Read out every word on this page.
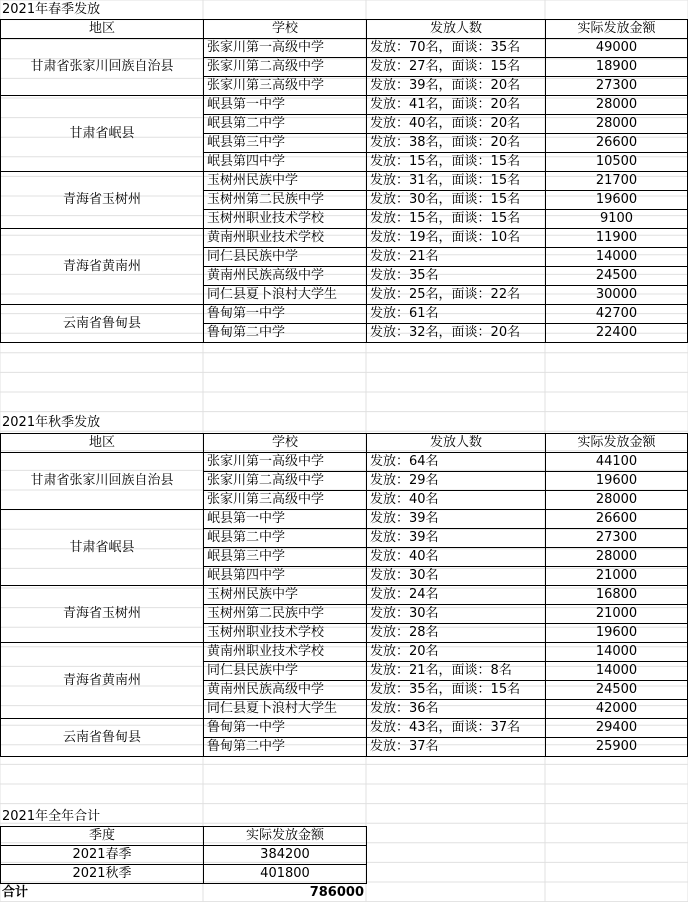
2021年春季发放
地区	学校	发放人数	实际发放金额
甘肃省张家川回族自治县	张家川第一高级中学	发放：70名，面谈：35名	49000
	张家川第二高级中学	发放：27名，面谈：15名	18900
	张家川第三高级中学	发放：39名，面谈：20名	27300
甘肃省岷县	岷县第一中学	发放：41名，面谈：20名	28000
	岷县第二中学	发放：40名，面谈：20名	28000
	岷县第三中学	发放：38名，面谈：20名	26600
	岷县第四中学	发放：15名，面谈：15名	10500
青海省玉树州	玉树州民族中学	发放：31名，面谈：15名	21700
	玉树州第二民族中学	发放：30名，面谈：15名	19600
	玉树州职业技术学校	发放：15名，面谈：15名	9100
青海省黄南州	黄南州职业技术学校	发放：19名，面谈：10名	11900
	同仁县民族中学	发放：21名	14000
	黄南州民族高级中学	发放：35名	24500
	同仁县夏卜浪村大学生	发放：25名，面谈：22名	30000
云南省鲁甸县	鲁甸第一中学	发放：61名	42700
	鲁甸第二中学	发放：32名，面谈：20名	22400
2021年秋季发放
地区	学校	发放人数	实际发放金额
甘肃省张家川回族自治县	张家川第一高级中学	发放：64名	44100
	张家川第二高级中学	发放：29名	19600
	张家川第三高级中学	发放：40名	28000
甘肃省岷县	岷县第一中学	发放：39名	26600
	岷县第二中学	发放：39名	27300
	岷县第三中学	发放：40名	28000
	岷县第四中学	发放：30名	21000
青海省玉树州	玉树州民族中学	发放：24名	16800
	玉树州第二民族中学	发放：30名	21000
	玉树州职业技术学校	发放：28名	19600
青海省黄南州	黄南州职业技术学校	发放：20名	14000
	同仁县民族中学	发放：21名，面谈：8名	14000
	黄南州民族高级中学	发放：35名，面谈：15名	24500
	同仁县夏卜浪村大学生	发放：36名	42000
云南省鲁甸县	鲁甸第一中学	发放：43名，面谈：37名	29400
	鲁甸第二中学	发放：37名	25900
2021年全年合计
季度	实际发放金额
2021春季	384200
2021秋季	401800
合计	786000
